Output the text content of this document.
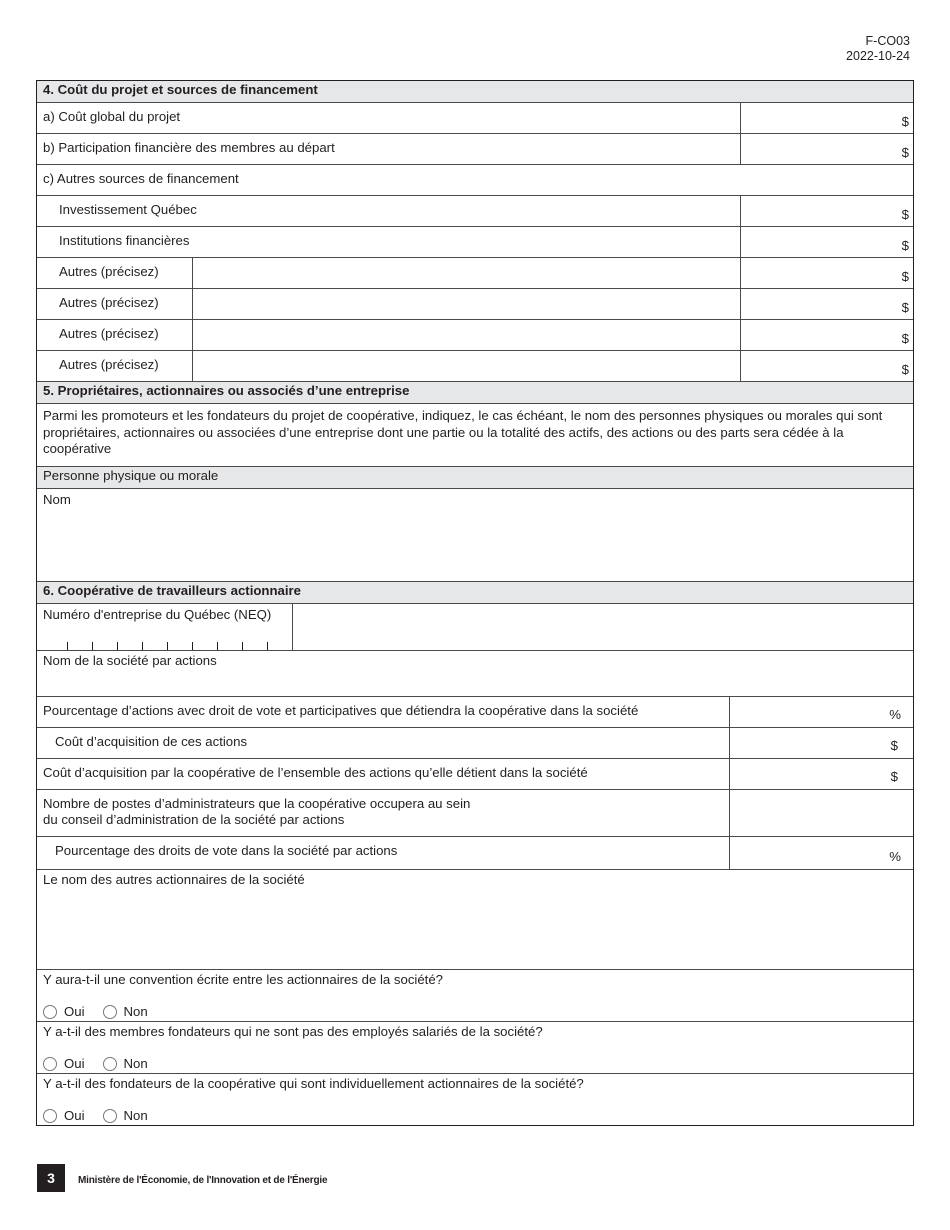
F-CO03
2022-10-24
4. Coût du projet et sources de financement
a) Coût global du projet	$
b) Participation financière des membres au départ	$
c) Autres sources de financement
Investissement Québec	$
Institutions financières	$
Autres (précisez)	$
Autres (précisez)	$
Autres (précisez)	$
Autres (précisez)	$
5. Propriétaires, actionnaires ou associés d’une entreprise
Parmi les promoteurs et les fondateurs du projet de coopérative, indiquez, le cas échéant, le nom des personnes physiques ou morales qui sont propriétaires, actionnaires ou associées d’une entreprise dont une partie ou la totalité des actifs, des actions ou des parts sera cédée à la coopérative
Personne physique ou morale
Nom
6. Coopérative de travailleurs actionnaire
Numéro d'entreprise du Québec (NEQ)
Nom de la société par actions
Pourcentage d’actions avec droit de vote et participatives que détiendra la coopérative dans la société	%
Coût d’acquisition de ces actions	$
Coût d’acquisition par la coopérative de l’ensemble des actions qu’elle détient dans la société	$
Nombre de postes d’administrateurs que la coopérative occupera au sein
du conseil d’administration de la société par actions
Pourcentage des droits de vote dans la société par actions	%
Le nom des autres actionnaires de la société
Y aura-t-il une convention écrite entre les actionnaires de la société?
Oui	Non
Y a-t-il des membres fondateurs qui ne sont pas des employés salariés de la société?
Oui	Non
Y a-t-il des fondateurs de la coopérative qui sont individuellement actionnaires de la société?
Oui	Non
3	Ministère de l'Économie, de l'Innovation et de l'Énergie
